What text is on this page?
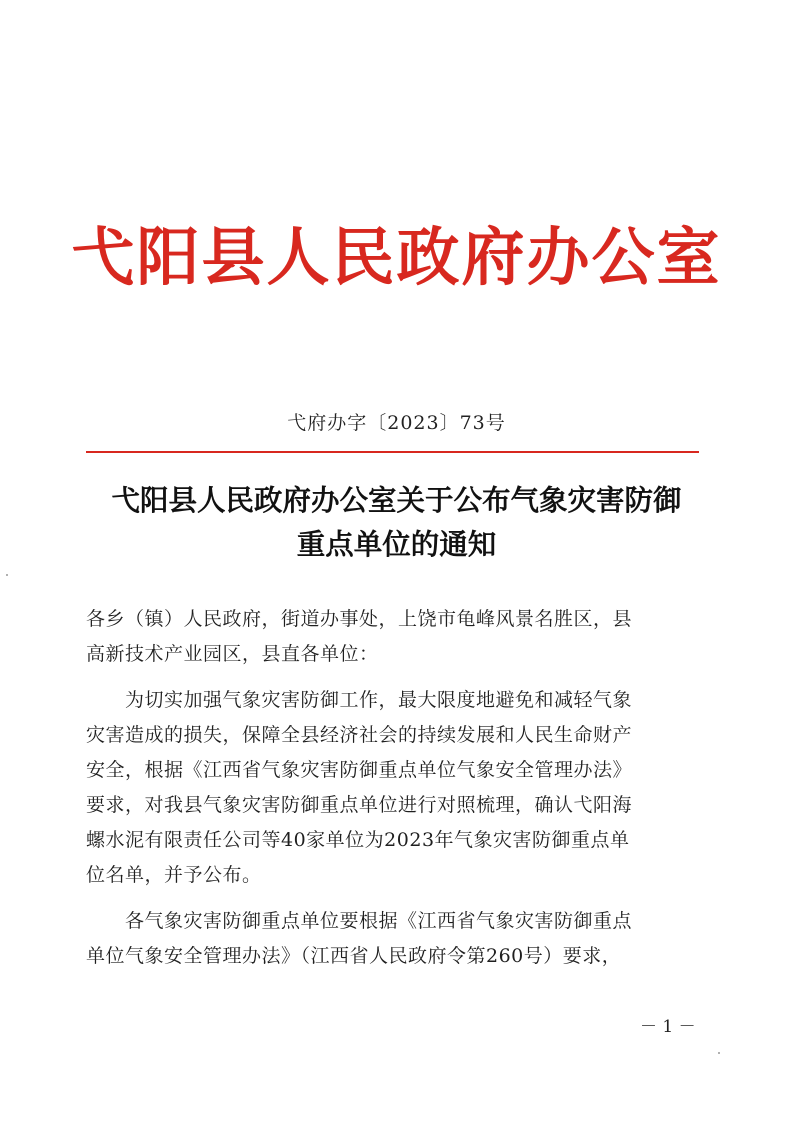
弋阳县人民政府办公室
弋府办字〔2023〕73号
弋阳县人民政府办公室关于公布气象灾害防御
重点单位的通知
各乡（镇）人民政府，街道办事处，上饶市龟峰风景名胜区，县
高新技术产业园区，县直各单位：
　　为切实加强气象灾害防御工作，最大限度地避免和减轻气象
灾害造成的损失，保障全县经济社会的持续发展和人民生命财产
安全，根据《江西省气象灾害防御重点单位气象安全管理办法》
要求，对我县气象灾害防御重点单位进行对照梳理，确认弋阳海
螺水泥有限责任公司等40家单位为2023年气象灾害防御重点单
位名单，并予公布。
　　各气象灾害防御重点单位要根据《江西省气象灾害防御重点
单位气象安全管理办法》（江西省人民政府令第260号）要求，
－ 1 －
